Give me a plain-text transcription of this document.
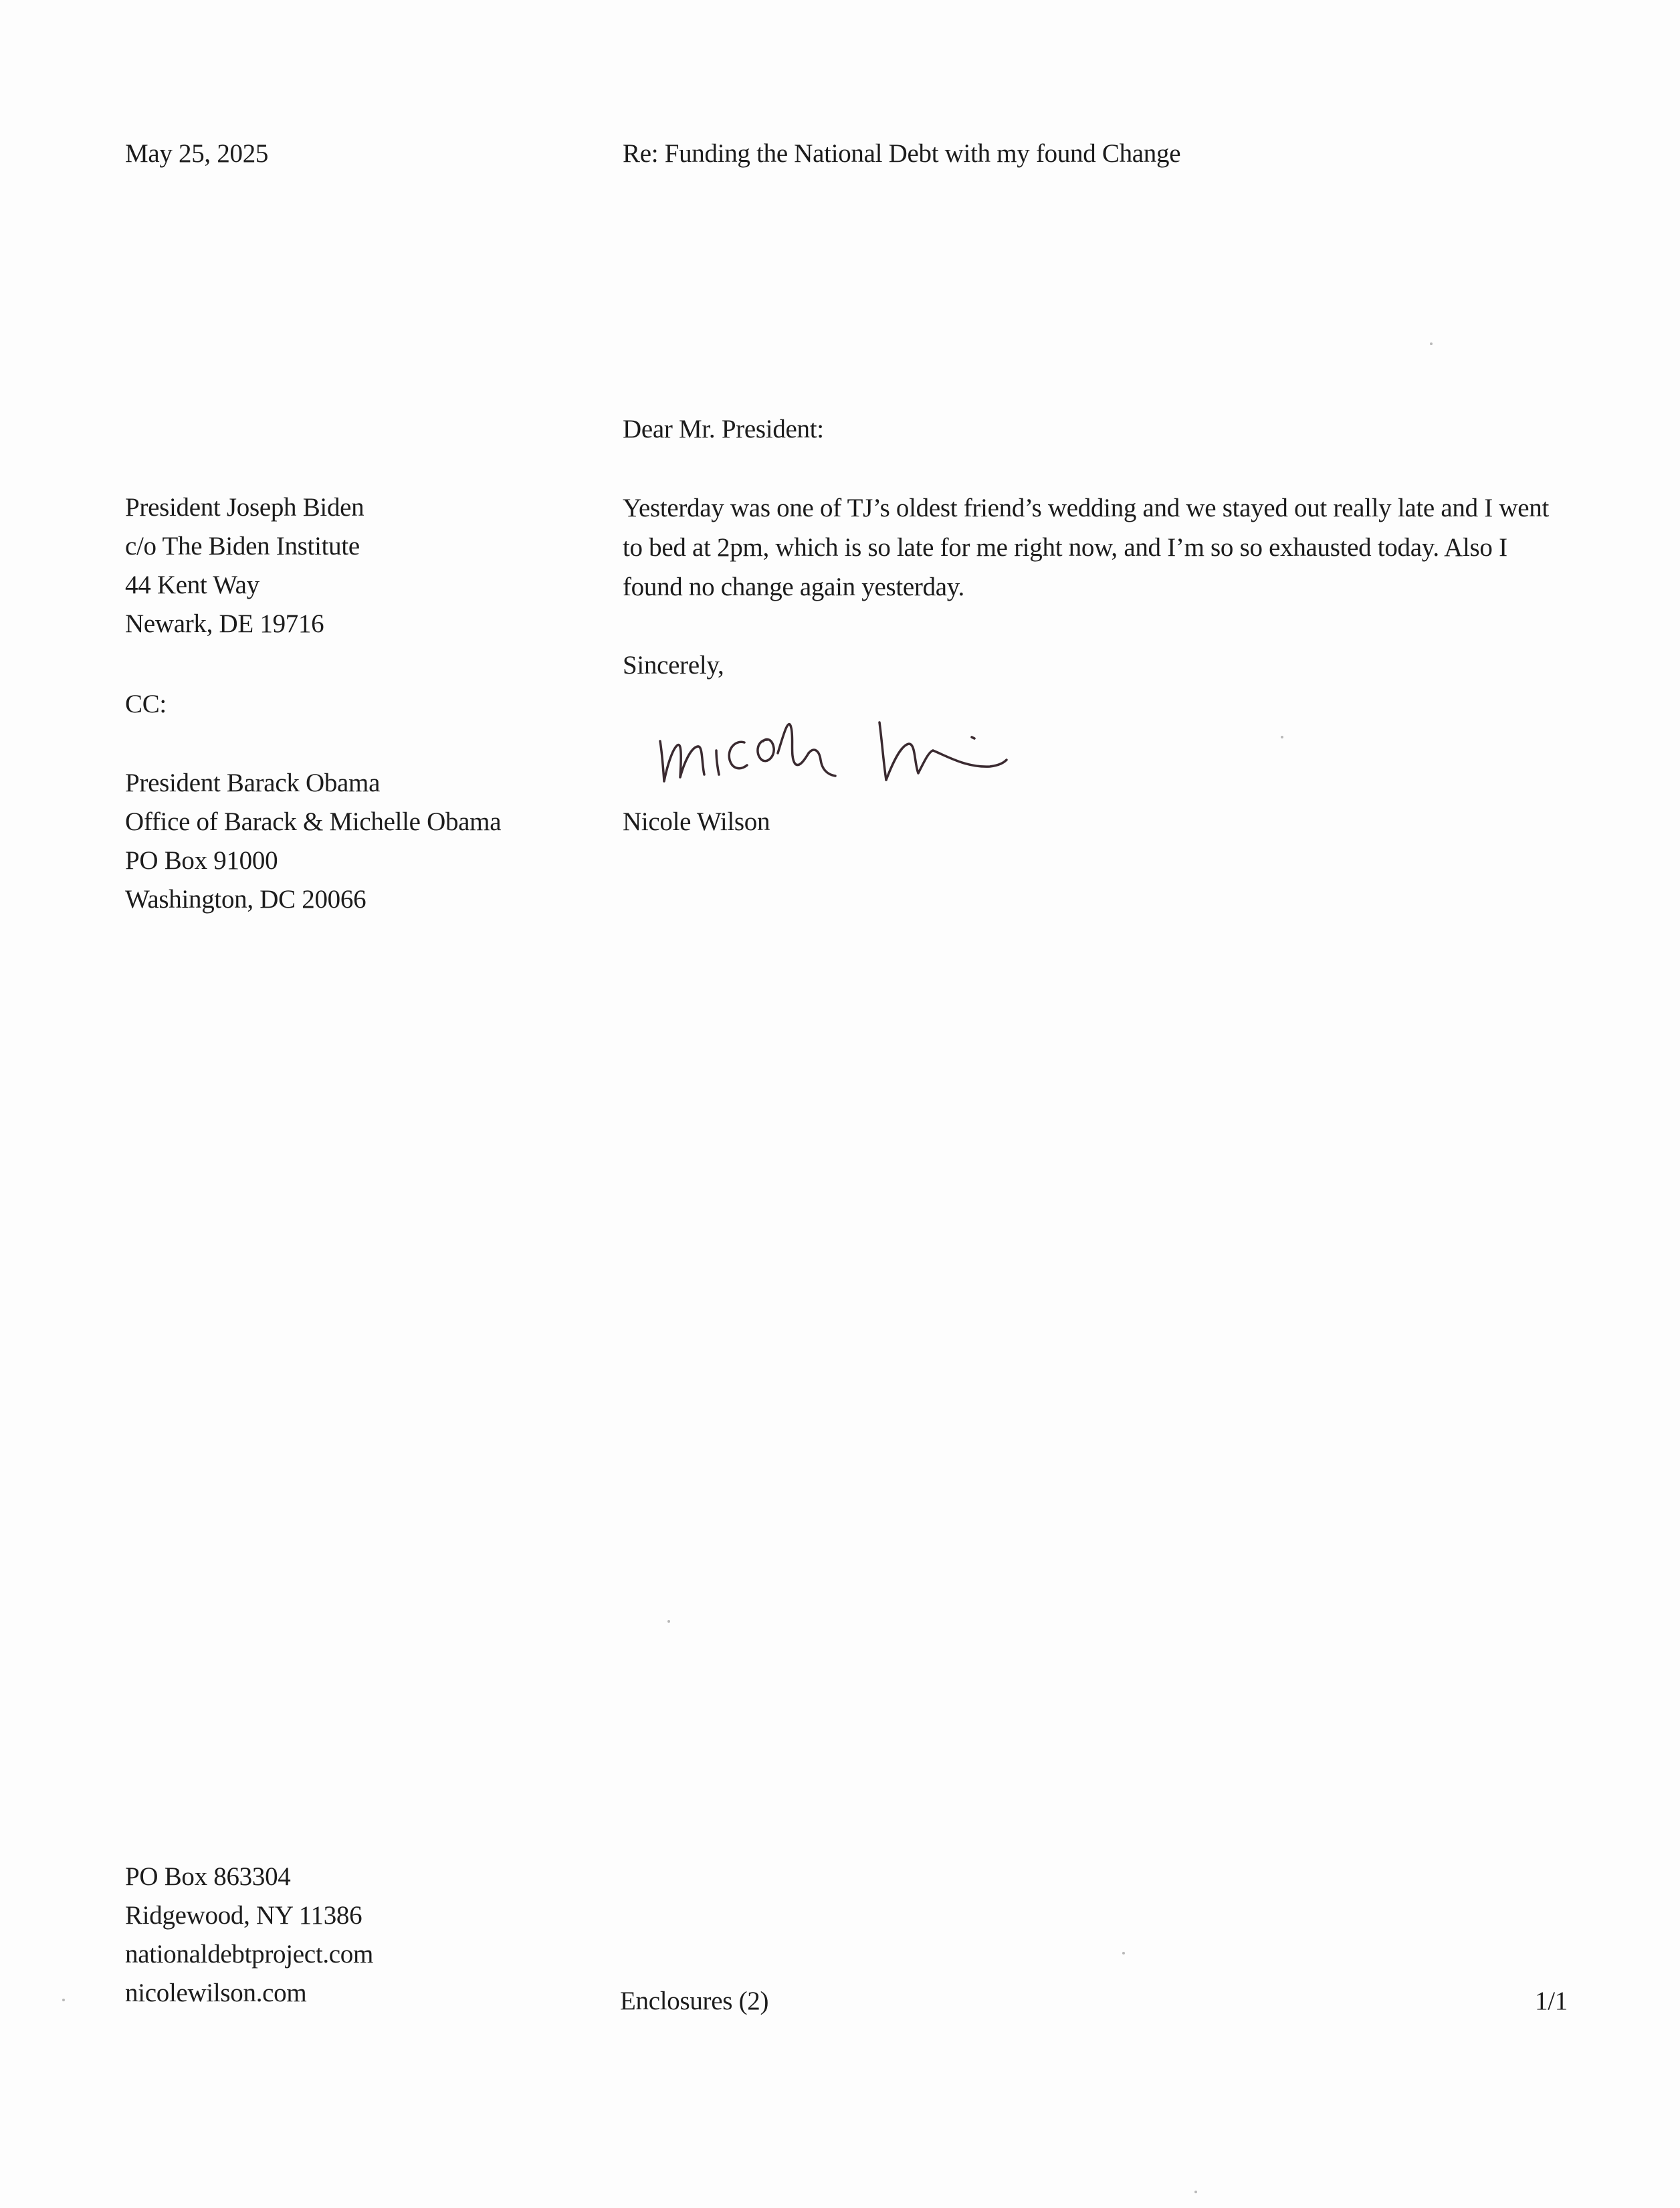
May 25, 2025	Re: Funding the National Debt with my found Change
Dear Mr. President:
President Joseph Biden
c/o The Biden Institute
44 Kent Way
Newark, DE 19716
CC:
President Barack Obama
Office of Barack & Michelle Obama
PO Box 91000
Washington, DC 20066
Yesterday was one of TJ’s oldest friend’s wedding and we stayed out really late and I went to bed at 2pm, which is so late for me right now, and I’m so so exhausted today. Also I found no change again yesterday.
Sincerely,
Nicole Wilson
PO Box 863304
Ridgewood, NY 11386
nationaldebtproject.com
nicolewilson.com	Enclosures (2)	1/1
